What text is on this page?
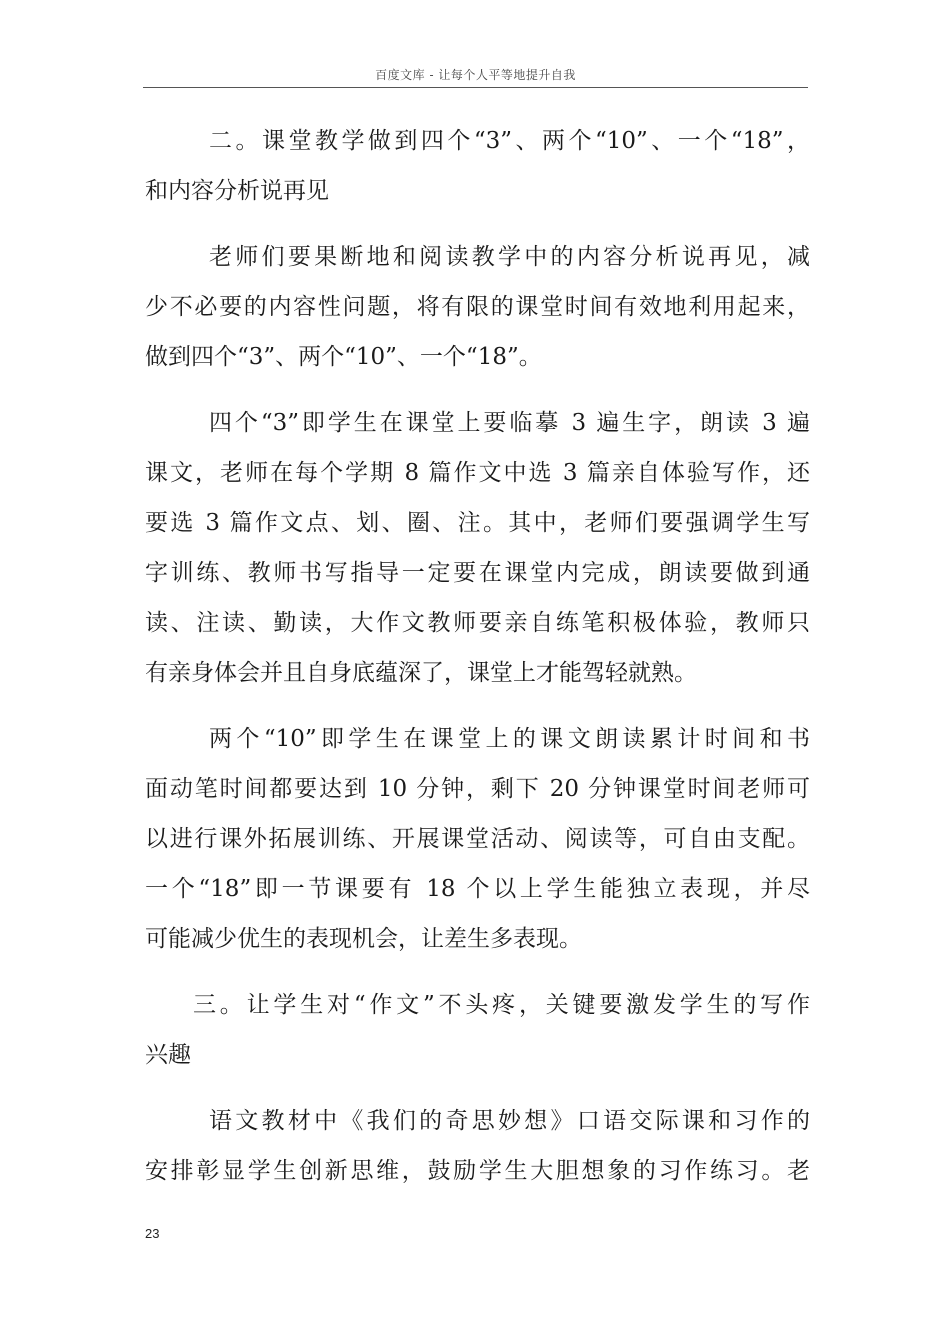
百度文库 - 让每个人平等地提升自我
二。课堂教学做到四个“3”、两个“10”、一个“18”，
和内容分析说再见
老师们要果断地和阅读教学中的内容分析说再见，减
少不必要的内容性问题，将有限的课堂时间有效地利用起来，
做到四个“3”、两个“10”、一个“18”。
四个“3”即学生在课堂上要临摹 3 遍生字，朗读 3 遍
课文，老师在每个学期 8 篇作文中选 3 篇亲自体验写作，还
要选 3 篇作文点、划、圈、注。其中，老师们要强调学生写
字训练、教师书写指导一定要在课堂内完成，朗读要做到通
读、注读、勤读，大作文教师要亲自练笔积极体验，教师只
有亲身体会并且自身底蕴深了，课堂上才能驾轻就熟。
两个“10”即学生在课堂上的课文朗读累计时间和书
面动笔时间都要达到 10 分钟，剩下 20 分钟课堂时间老师可
以进行课外拓展训练、开展课堂活动、阅读等，可自由支配。
一个“18”即一节课要有 18 个以上学生能独立表现，并尽
可能减少优生的表现机会，让差生多表现。
三。让学生对“作文”不头疼，关键要激发学生的写作
兴趣
语文教材中《我们的奇思妙想》口语交际课和习作的
安排彰显学生创新思维，鼓励学生大胆想象的习作练习。老
23
